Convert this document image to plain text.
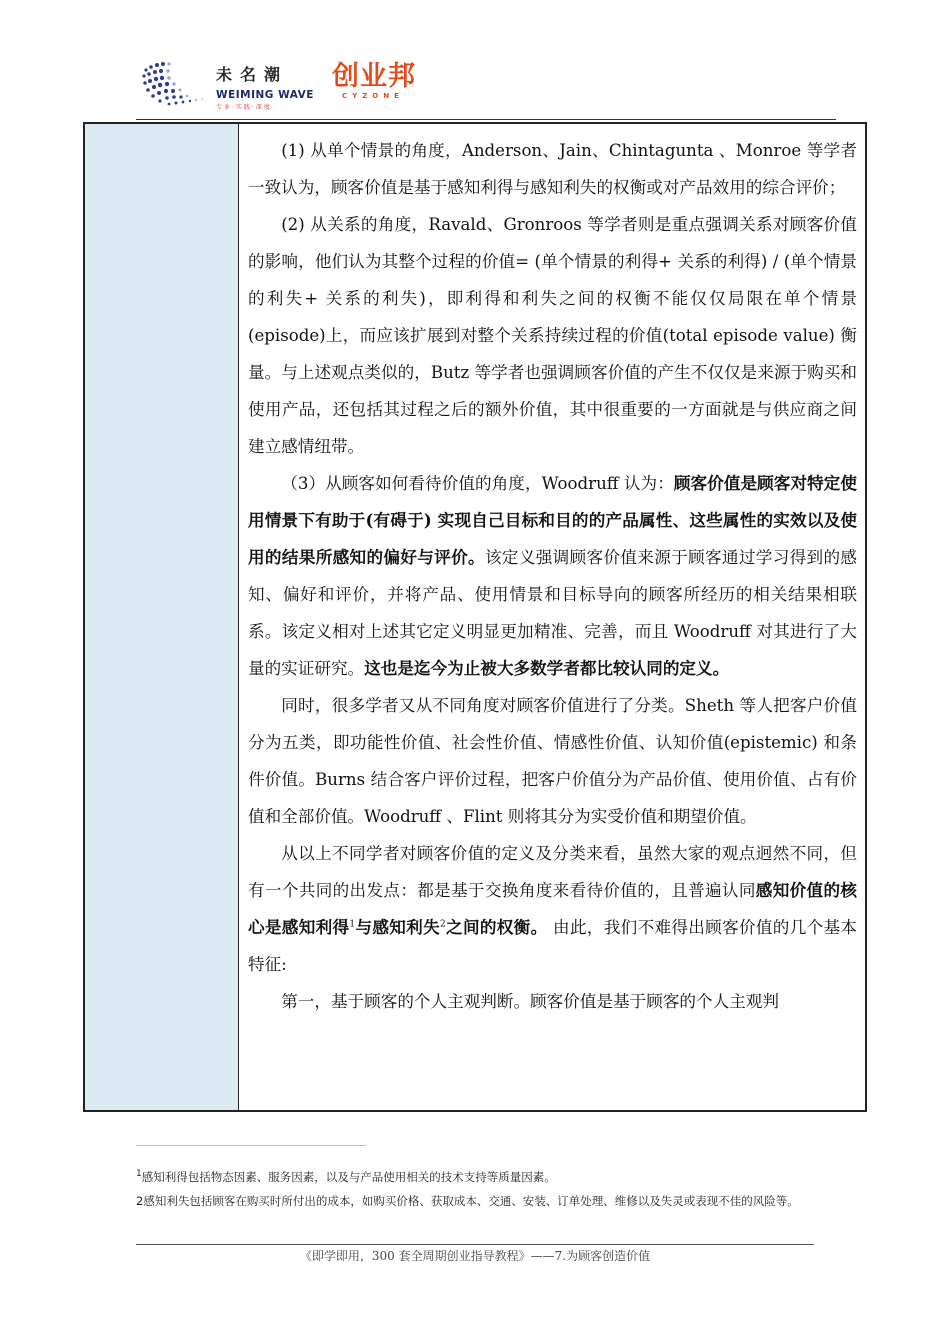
未名潮
WEIMING WAVE
专业·实践·深度
创业邦
CYZONE

(1) 从单个情景的角度，Anderson、Jain、Chintagunta 、Monroe 等学者一致认为，顾客价值是基于感知利得与感知利失的权衡或对产品效用的综合评价；

(2) 从关系的角度，Ravald、Gronroos 等学者则是重点强调关系对顾客价值的影响，他们认为其整个过程的价值= (单个情景的利得+ 关系的利得) / (单个情景的利失+ 关系的利失)，即利得和利失之间的权衡不能仅仅局限在单个情景(episode)上，而应该扩展到对整个关系持续过程的价值(total episode value) 衡量。与上述观点类似的，Butz 等学者也强调顾客价值的产生不仅仅是来源于购买和使用产品，还包括其过程之后的额外价值，其中很重要的一方面就是与供应商之间建立感情纽带。

（3）从顾客如何看待价值的角度，Woodruff 认为：顾客价值是顾客对特定使用情景下有助于(有碍于) 实现自己目标和目的的产品属性、这些属性的实效以及使用的结果所感知的偏好与评价。该定义强调顾客价值来源于顾客通过学习得到的感知、偏好和评价，并将产品、使用情景和目标导向的顾客所经历的相关结果相联系。该定义相对上述其它定义明显更加精准、完善，而且 Woodruff 对其进行了大量的实证研究。这也是迄今为止被大多数学者都比较认同的定义。

同时，很多学者又从不同角度对顾客价值进行了分类。Sheth 等人把客户价值分为五类，即功能性价值、社会性价值、情感性价值、认知价值(epistemic) 和条件价值。Burns 结合客户评价过程，把客户价值分为产品价值、使用价值、占有价值和全部价值。Woodruff 、Flint 则将其分为实受价值和期望价值。

从以上不同学者对顾客价值的定义及分类来看，虽然大家的观点迥然不同，但有一个共同的出发点：都是基于交换角度来看待价值的，且普遍认同感知价值的核心是感知利得$^1$与感知利失$^2$之间的权衡。 由此，我们不难得出顾客价值的几个基本特征:

第一，基于顾客的个人主观判断。顾客价值是基于顾客的个人主观判

$^1$感知利得包括物态因素、服务因素，以及与产品使用相关的技术支持等质量因素。
2感知利失包括顾客在购买时所付出的成本，如购买价格、获取成本、交通、安装、订单处理、维修以及失灵或表现不佳的风险等。
《即学即用，300 套全周期创业指导教程》——7.为顾客创造价值
